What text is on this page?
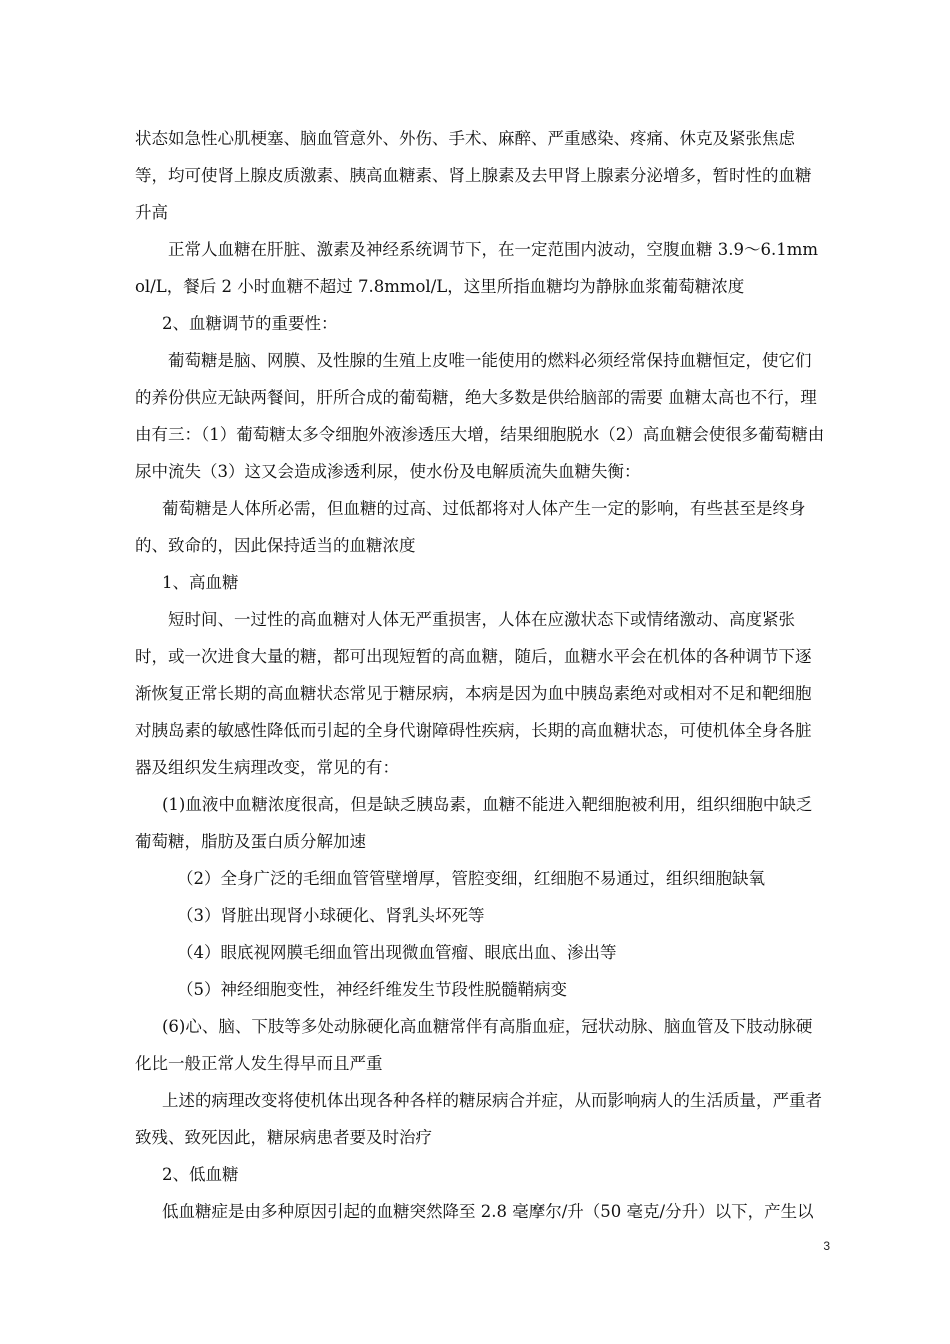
状态如急性心肌梗塞、脑血管意外、外伤、手术、麻醉、严重感染、疼痛、休克及紧张焦虑等，均可使肾上腺皮质激素、胰高血糖素、肾上腺素及去甲肾上腺素分泌增多，暂时性的血糖升高

正常人血糖在肝脏、激素及神经系统调节下，在一定范围内波动，空腹血糖 3.9～6.1mmol/L，餐后 2 小时血糖不超过 7.8mmol/L，这里所指血糖均为静脉血浆葡萄糖浓度

2、血糖调节的重要性：

葡萄糖是脑、网膜、及性腺的生殖上皮唯一能使用的燃料必须经常保持血糖恒定，使它们的养份供应无缺两餐间，肝所合成的葡萄糖，绝大多数是供给脑部的需要 血糖太高也不行，理由有三：（1）葡萄糖太多令细胞外液渗透压大增，结果细胞脱水（2）高血糖会使很多葡萄糖由尿中流失（3）这又会造成渗透利尿，使水份及电解质流失血糖失衡：

葡萄糖是人体所必需，但血糖的过高、过低都将对人体产生一定的影响，有些甚至是终身的、致命的，因此保持适当的血糖浓度

1、高血糖

短时间、一过性的高血糖对人体无严重损害，人体在应激状态下或情绪激动、高度紧张时，或一次进食大量的糖，都可出现短暂的高血糖，随后，血糖水平会在机体的各种调节下逐渐恢复正常长期的高血糖状态常见于糖尿病，本病是因为血中胰岛素绝对或相对不足和靶细胞对胰岛素的敏感性降低而引起的全身代谢障碍性疾病，长期的高血糖状态，可使机体全身各脏器及组织发生病理改变，常见的有：

(1)血液中血糖浓度很高，但是缺乏胰岛素，血糖不能进入靶细胞被利用，组织细胞中缺乏葡萄糖，脂肪及蛋白质分解加速

（2）全身广泛的毛细血管管壁增厚，管腔变细，红细胞不易通过，组织细胞缺氧

（3）肾脏出现肾小球硬化、肾乳头坏死等

（4）眼底视网膜毛细血管出现微血管瘤、眼底出血、渗出等

（5）神经细胞变性，神经纤维发生节段性脱髓鞘病变

(6)心、脑、下肢等多处动脉硬化高血糖常伴有高脂血症，冠状动脉、脑血管及下肢动脉硬化比一般正常人发生得早而且严重

上述的病理改变将使机体出现各种各样的糖尿病合并症，从而影响病人的生活质量，严重者致残、致死因此，糖尿病患者要及时治疗

2、低血糖

低血糖症是由多种原因引起的血糖突然降至 2.8 毫摩尔/升（50 毫克/分升）以下，产生以

3
